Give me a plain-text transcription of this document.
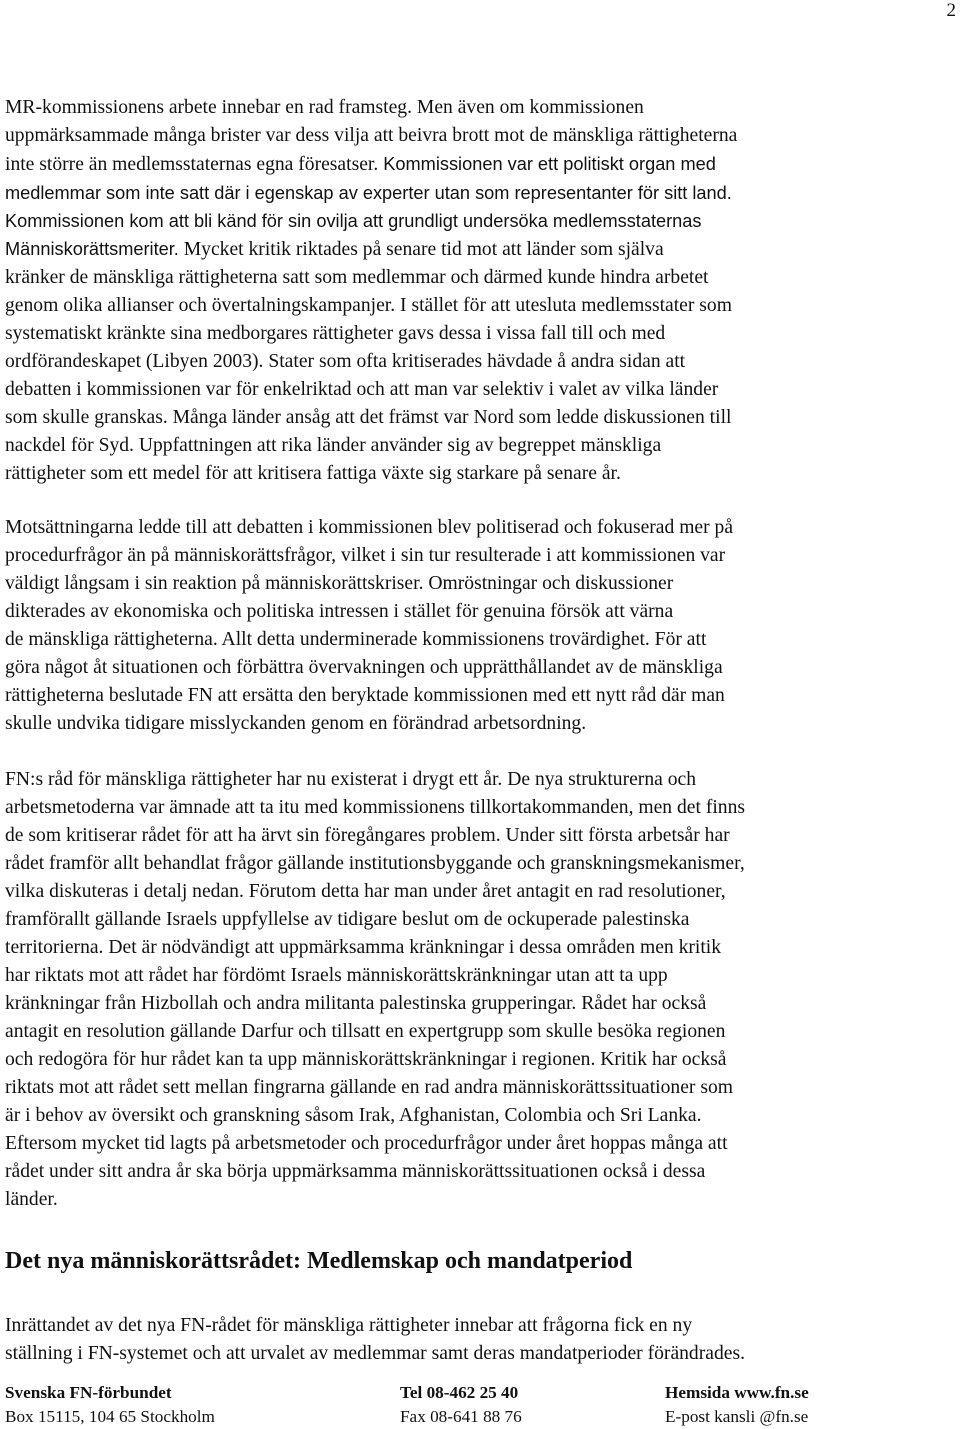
2
MR-kommissionens arbete innebar en rad framsteg. Men även om kommissionen
uppmärksammade många brister var dess vilja att beivra brott mot de mänskliga rättigheterna
inte större än medlemsstaternas egna föresatser. Kommissionen var ett politiskt organ med
medlemmar som inte satt där i egenskap av experter utan som representanter för sitt land.
Kommissionen kom att bli känd för sin ovilja att grundligt undersöka medlemsstaternas
Människorättsmeriter. Mycket kritik riktades på senare tid mot att länder som själva
kränker de mänskliga rättigheterna satt som medlemmar och därmed kunde hindra arbetet
genom olika allianser och övertalningskampanjer. I stället för att utesluta medlemsstater som
systematiskt kränkte sina medborgares rättigheter gavs dessa i vissa fall till och med
ordförandeskapet (Libyen 2003). Stater som ofta kritiserades hävdade å andra sidan att
debatten i kommissionen var för enkelriktad och att man var selektiv i valet av vilka länder
som skulle granskas. Många länder ansåg att det främst var Nord som ledde diskussionen till
nackdel för Syd. Uppfattningen att rika länder använder sig av begreppet mänskliga
rättigheter som ett medel för att kritisera fattiga växte sig starkare på senare år.
Motsättningarna ledde till att debatten i kommissionen blev politiserad och fokuserad mer på
procedurfrågor än på människorättsfrågor, vilket i sin tur resulterade i att kommissionen var
väldigt långsam i sin reaktion på människorättskriser. Omröstningar och diskussioner
dikterades av ekonomiska och politiska intressen i stället för genuina försök att värna
de mänskliga rättigheterna. Allt detta underminerade kommissionens trovärdighet. För att
göra något åt situationen och förbättra övervakningen och upprätthållandet av de mänskliga
rättigheterna beslutade FN att ersätta den beryktade kommissionen med ett nytt råd där man
skulle undvika tidigare misslyckanden genom en förändrad arbetsordning.
FN:s råd för mänskliga rättigheter har nu existerat i drygt ett år. De nya strukturerna och
arbetsmetoderna var ämnade att ta itu med kommissionens tillkortakommanden, men det finns
de som kritiserar rådet för att ha ärvt sin föregångares problem. Under sitt första arbetsår har
rådet framför allt behandlat frågor gällande institutionsbyggande och granskningsmekanismer,
vilka diskuteras i detalj nedan. Förutom detta har man under året antagit en rad resolutioner,
framförallt gällande Israels uppfyllelse av tidigare beslut om de ockuperade palestinska
territorierna. Det är nödvändigt att uppmärksamma kränkningar i dessa områden men kritik
har riktats mot att rådet har fördömt Israels människorättskränkningar utan att ta upp
kränkningar från Hizbollah och andra militanta palestinska grupperingar. Rådet har också
antagit en resolution gällande Darfur och tillsatt en expertgrupp som skulle besöka regionen
och redogöra för hur rådet kan ta upp människorättskränkningar i regionen. Kritik har också
riktats mot att rådet sett mellan fingrarna gällande en rad andra människorättssituationer som
är i behov av översikt och granskning såsom Irak, Afghanistan, Colombia och Sri Lanka.
Eftersom mycket tid lagts på arbetsmetoder och procedurfrågor under året hoppas många att
rådet under sitt andra år ska börja uppmärksamma människorättssituationen också i dessa
länder.
Det nya människorättsrådet: Medlemskap och mandatperiod
Inrättandet av det nya FN-rådet för mänskliga rättigheter innebar att frågorna fick en ny
ställning i FN-systemet och att urvalet av medlemmar samt deras mandatperioder förändrades.
Svenska FN-förbundet
Box 15115, 104 65 Stockholm
Tel 08-462 25 40
Fax 08-641 88 76
Hemsida www.fn.se
E-post kansli @fn.se
